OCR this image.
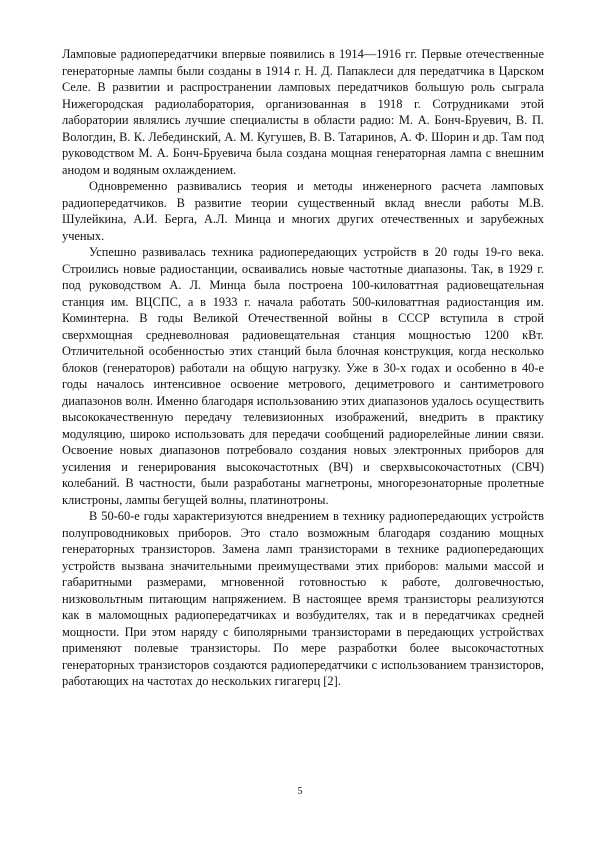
Ламповые радиопередатчики впервые появились в 1914—1916 гг. Первые отечественные генераторные лампы были созданы в 1914 г. Н. Д. Папаклеси для передатчика в Царском Селе. В развитии и распространении ламповых передатчиков большую роль сыграла Нижегородская радиолаборатория, организованная в 1918 г. Сотрудниками этой лаборатории являлись лучшие специалисты в области радио: М. А. Бонч-Бруевич, В. П. Вологдин, В. К. Лебединский, А. М. Кугушев, В. В. Татаринов, А. Ф. Шорин и др. Там под руководством М. А. Бонч-Бруевича была создана мощная генераторная лампа с внешним анодом и водяным охлаждением.

Одновременно развивались теория и методы инженерного расчета ламповых радиопередатчиков. В развитие теории существенный вклад внесли работы М.В. Шулейкина, А.И. Берга, А.Л. Минца и многих других отечественных и зарубежных ученых.

Успешно развивалась техника радиопередающих устройств в 20 годы 19-го века. Строились новые радиостанции, осваивались новые частотные диапазоны. Так, в 1929 г. под руководством А. Л. Минца была построена 100-киловаттная радиовещательная станция им. ВЦСПС, а в 1933 г. начала работать 500-киловаттная радиостанция им. Коминтерна. В годы Великой Отечественной войны в СССР вступила в строй сверхмощная средневолновая радиовещательная станция мощностью 1200 кВт. Отличительной особенностью этих станций была блочная конструкция, когда несколько блоков (генераторов) работали на общую нагрузку. Уже в 30-х годах и особенно в 40-е годы началось интенсивное освоение метрового, дециметрового и сантиметрового диапазонов волн. Именно благодаря использованию этих диапазонов удалось осуществить высококачественную передачу телевизионных изображений, внедрить в практику модуляцию, широко использовать для передачи сообщений радиорелейные линии связи. Освоение новых диапазонов потребовало создания новых электронных приборов для усиления и генерирования высокочастотных (ВЧ) и сверхвысокочастотных (СВЧ) колебаний. В частности, были разработаны магнетроны, многорезонаторные пролетные клистроны, лампы бегущей волны, платинотроны.

В 50-60-е годы характеризуются внедрением в технику радиопередающих устройств полупроводниковых приборов. Это стало возможным благодаря созданию мощных генераторных транзисторов. Замена ламп транзисторами в технике радиопередающих устройств вызвана значительными преимуществами этих приборов: малыми массой и габаритными размерами, мгновенной готовностью к работе, долговечностью, низковольтным питающим напряжением. В настоящее время транзисторы реализуются как в маломощных радиопередатчиках и возбудителях, так и в передатчиках средней мощности. При этом наряду с биполярными транзисторами в передающих устройствах применяют полевые транзисторы. По мере разработки более высокочастотных генераторных транзисторов создаются радиопередатчики с использованием транзисторов, работающих на частотах до нескольких гигагерц [2].

5
